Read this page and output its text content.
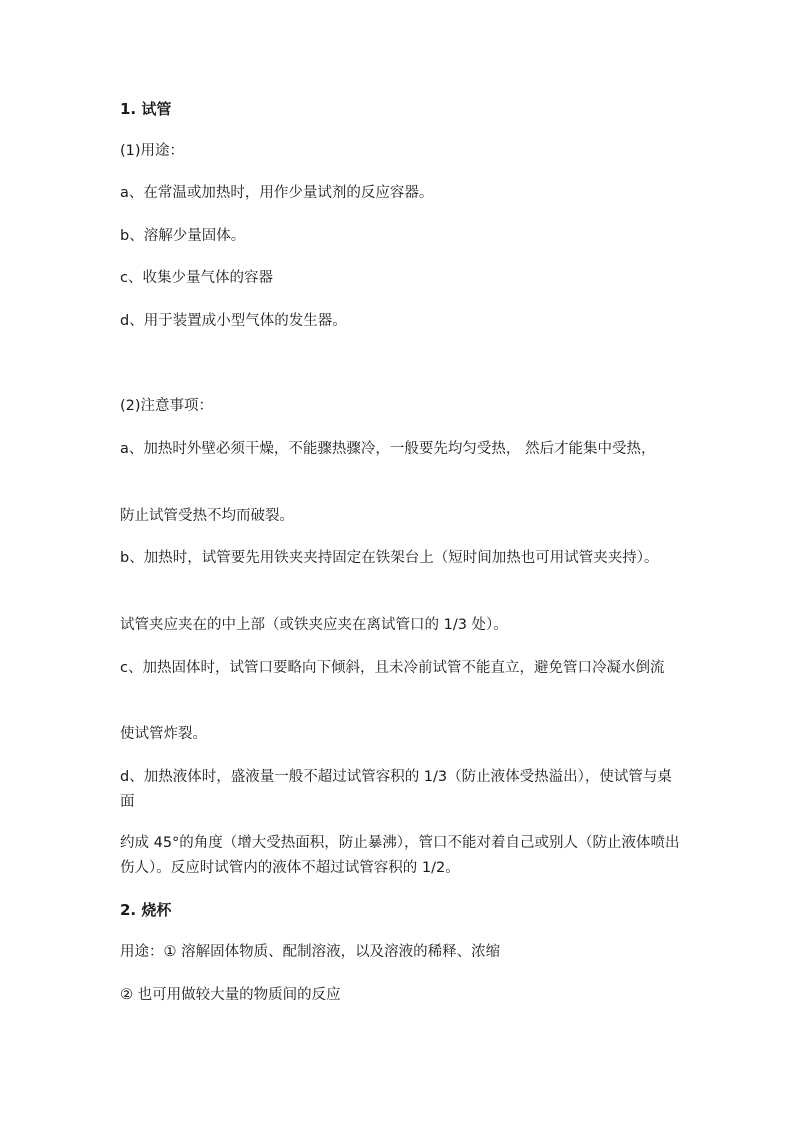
1. 试管
(1)用途：
a、在常温或加热时，用作少量试剂的反应容器。
b、溶解少量固体。
c、收集少量气体的容器
d、用于装置成小型气体的发生器。
(2)注意事项：
a、加热时外壁必须干燥，不能骤热骤冷，一般要先均匀受热， 然后才能集中受热，
防止试管受热不均而破裂。
b、加热时，试管要先用铁夹夹持固定在铁架台上（短时间加热也可用试管夹夹持）。
试管夹应夹在的中上部（或铁夹应夹在离试管口的 1/3 处）。
c、加热固体时，试管口要略向下倾斜，且未冷前试管不能直立，避免管口冷凝水倒流
使试管炸裂。
d、加热液体时，盛液量一般不超过试管容积的 1/3（防止液体受热溢出），使试管与桌面
约成 45°的角度（增大受热面积，防止暴沸），管口不能对着自己或别人（防止液体喷出伤人）。反应时试管内的液体不超过试管容积的 1/2。
2. 烧杯
用途：① 溶解固体物质、配制溶液，以及溶液的稀释、浓缩
② 也可用做较大量的物质间的反应
